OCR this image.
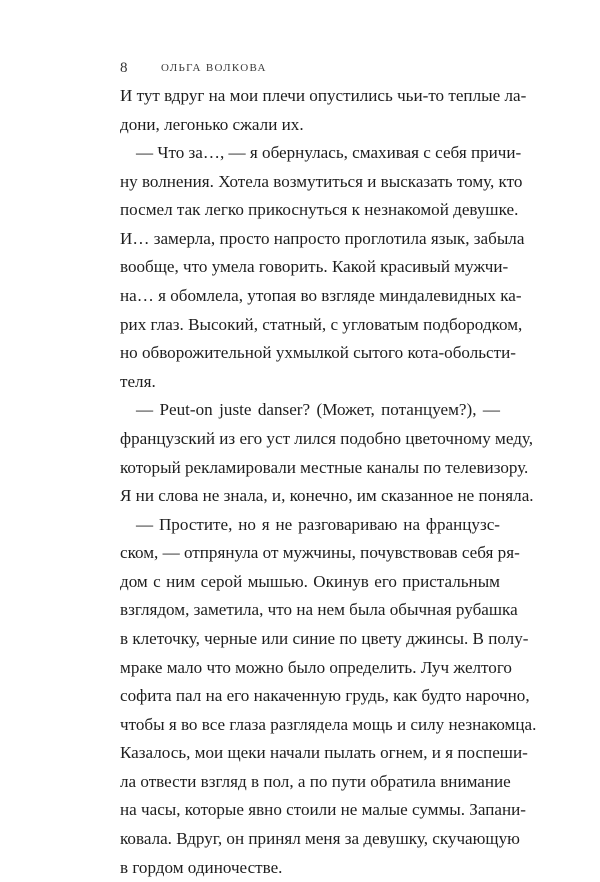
8	ОЛЬГА ВОЛКОВА
И тут вдруг на мои плечи опустились чьи-то теплые ла-
дони, легонько сжали их.
— Что за…, — я обернулась, смахивая с себя причи-
ну волнения. Хотела возмутиться и высказать тому, кто
посмел так легко прикоснуться к незнакомой девушке.
И… замерла, просто напросто проглотила язык, забыла
вообще, что умела говорить. Какой красивый мужчи-
на… я обомлела, утопая во взгляде миндалевидных ка-
рих глаз. Высокий, статный, с угловатым подбородком,
но обворожительной ухмылкой сытого кота-обольсти-
теля.
— Peut-on juste danser? (Может, потанцуем?), —
французский из его уст лился подобно цветочному меду,
который рекламировали местные каналы по телевизору.
Я ни слова не знала, и, конечно, им сказанное не поняла.
— Простите, но я не разговариваю на французс-
ском, — отпрянула от мужчины, почувствовав себя ря-
дом с ним серой мышью. Окинув его пристальным
взглядом, заметила, что на нем была обычная рубашка
в клеточку, черные или синие по цвету джинсы. В полу-
мраке мало что можно было определить. Луч желтого
софита пал на его накаченную грудь, как будто нарочно,
чтобы я во все глаза разглядела мощь и силу незнакомца.
Казалось, мои щеки начали пылать огнем, и я поспеши-
ла отвести взгляд в пол, а по пути обратила внимание
на часы, которые явно стоили не малые суммы. Запани-
ковала. Вдруг, он принял меня за девушку, скучающую
в гордом одиночестве.
